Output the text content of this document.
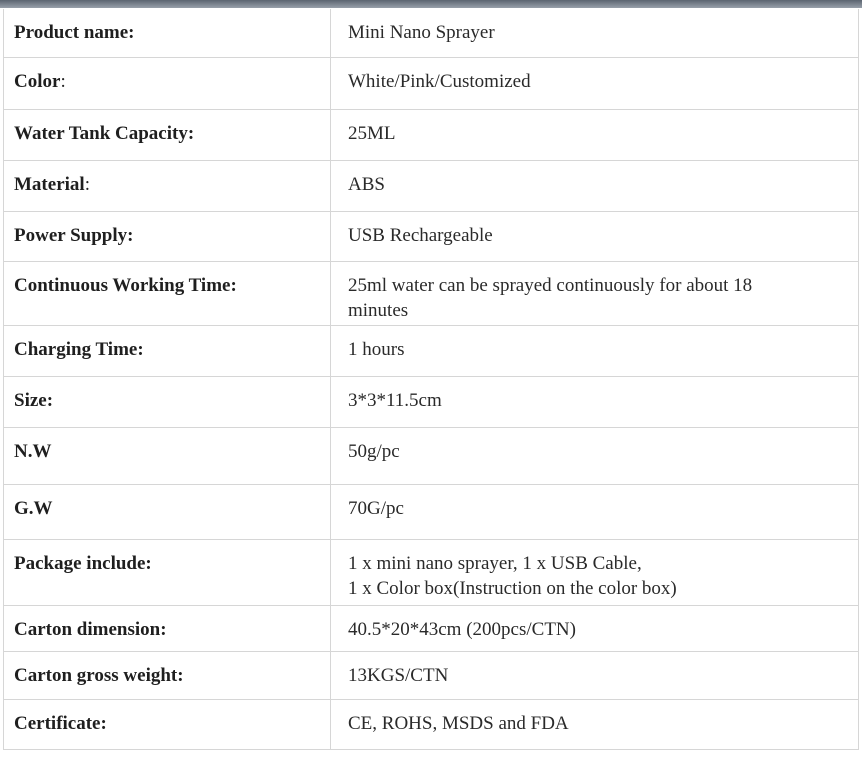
Product name:	Mini Nano Sprayer

Color:	White/Pink/Customized

Water Tank Capacity:	25ML

Material:	ABS

Power Supply:	USB Rechargeable

Continuous Working Time:	25ml water can be sprayed continuously for about 18
minutes

Charging Time:	1 hours

Size:	3*3*11.5cm

N.W	50g/pc

G.W	70G/pc

Package include:	1 x mini nano sprayer, 1 x USB Cable,
1 x Color box(Instruction on the color box)

Carton dimension:	40.5*20*43cm (200pcs/CTN)

Carton gross weight:	13KGS/CTN

Certificate:	CE, ROHS, MSDS and FDA
